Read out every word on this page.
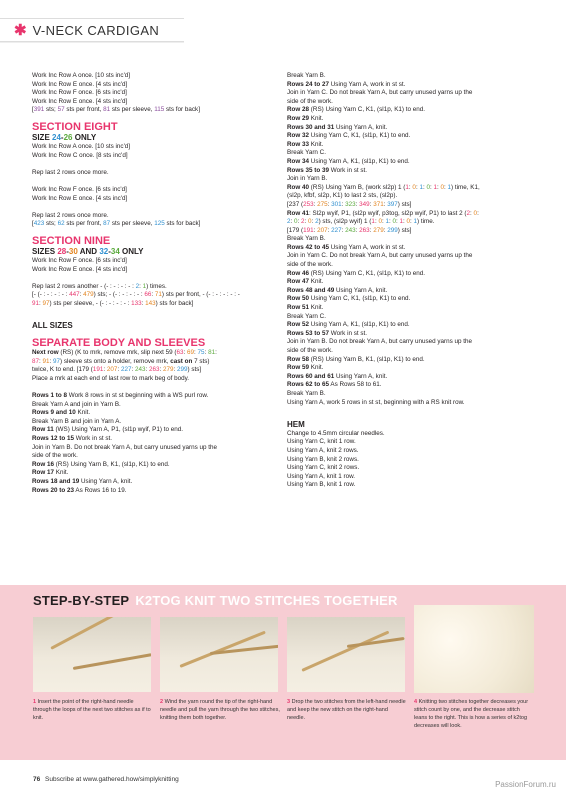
✱ V-NECK CARDIGAN
Work Inc Row A once. [10 sts inc'd]
Work Inc Row E once. [4 sts inc'd]
Work Inc Row F once. [6 sts inc'd]
Work Inc Row E once. [4 sts inc'd]
[391 sts; 57 sts per front, 81 sts per sleeve, 115 sts for back]
SECTION EIGHT
SIZE 24-26 ONLY
Work Inc Row A once. [10 sts inc'd]
Work Inc Row C once. [8 sts inc'd]
Rep last 2 rows once more.
Work Inc Row F once. [6 sts inc'd]
Work Inc Row E once. [4 sts inc'd]
Rep last 2 rows once more.
[423 sts; 62 sts per front, 87 sts per sleeve, 125 sts for back]
SECTION NINE
SIZES 28-30 AND 32-34 ONLY
Work Inc Row F once. [6 sts inc'd]
Work Inc Row E once. [4 sts inc'd]
Rep last 2 rows another - (- : - : - : - : 2: 1) times.
[- (- : - : - : - : 447: 479) sts; - (- : - : - : - : 66: 71) sts per front, - (- : - : - : - : -
91: 97) sts per sleeve, - (- : - : - : - : 133: 143) sts for back]
ALL SIZES
SEPARATE BODY AND SLEEVES
Next row (RS) (K to mrk, remove mrk, slip next 59 (63: 69: 75: 81:
87: 91: 97) sleeve sts onto a holder, remove mrk, cast on 7 sts)
twice, K to end. [179 (191: 207: 227: 243: 263: 279: 299) sts]
Place a mrk at each end of last row to mark beg of body.
Rows 1 to 8 Work 8 rows in st st beginning with a WS purl row.
Break Yarn A and join in Yarn B.
Rows 9 and 10 Knit.
Break Yarn B and join in Yarn A.
Row 11 (WS) Using Yarn A, P1, (sl1p wyif, P1) to end.
Rows 12 to 15 Work in st st.
Join in Yarn B. Do not break Yarn A, but carry unused yarns up the
side of the work.
Row 16 (RS) Using Yarn B, K1, (sl1p, K1) to end.
Row 17 Knit.
Rows 18 and 19 Using Yarn A, knit.
Rows 20 to 23 As Rows 16 to 19.
Break Yarn B.
Rows 24 to 27 Using Yarn A, work in st st.
Join in Yarn C. Do not break Yarn A, but carry unused yarns up the
side of the work.
Row 28 (RS) Using Yarn C, K1, (sl1p, K1) to end.
Row 29 Knit.
Rows 30 and 31 Using Yarn A, knit.
Row 32 Using Yarn C, K1, (sl1p, K1) to end.
Row 33 Knit.
Break Yarn C.
Row 34 Using Yarn A, K1, (sl1p, K1) to end.
Rows 35 to 39 Work in st st.
Join in Yarn B.
Row 40 (RS) Using Yarn B, (work sl2p) 1 (1: 0: 1: 0: 1: 0: 1) time, K1,
(sl2p, kfbf, sl2p, K1) to last 2 sts, (sl2p).
[237 (253: 275: 301: 323: 349: 371: 397) sts]
Row 41: Sl2p wyif, P1, (sl2p wyif, p3tog, sl2p wyif, P1) to last 2 (2: 0:
2: 0: 2: 0: 2) sts, (sl2p wyif) 1 (1: 0: 1: 0: 1: 0: 1) time.
[179 (191: 207: 227: 243: 263: 279: 299) sts]
Break Yarn B.
Rows 42 to 45 Using Yarn A, work in st st.
Join in Yarn C. Do not break Yarn A, but carry unused yarns up the
side of the work.
Row 46 (RS) Using Yarn C, K1, (sl1p, K1) to end.
Row 47 Knit.
Rows 48 and 49 Using Yarn A, knit.
Row 50 Using Yarn C, K1, (sl1p, K1) to end.
Row 51 Knit.
Break Yarn C.
Row 52 Using Yarn A, K1, (sl1p, K1) to end.
Rows 53 to 57 Work in st st.
Join in Yarn B. Do not break Yarn A, but carry unused yarns up the
side of the work.
Row 58 (RS) Using Yarn B, K1, (sl1p, K1) to end.
Row 59 Knit.
Rows 60 and 61 Using Yarn A, knit.
Rows 62 to 65 As Rows 58 to 61.
Break Yarn B.
Using Yarn A, work 5 rows in st st, beginning with a RS knit row.
HEM
Change to 4.5mm circular needles.
Using Yarn C, knit 1 row.
Using Yarn A, knit 2 rows.
Using Yarn B, knit 2 rows.
Using Yarn C, knit 2 rows.
Using Yarn A, knit 1 row.
Using Yarn B, knit 1 row.
STEP-BY-STEP K2TOG KNIT TWO STITCHES TOGETHER
1 Insert the point of the right-hand needle through the loops of the next two stitches as if to knit.
2 Wind the yarn round the tip of the right-hand needle and pull the yarn through the two stitches, knitting them both together.
3 Drop the two stitches from the left-hand needle and keep the new stitch on the right-hand needle.
4 Knitting two stitches together decreases your stitch count by one, and the decrease stitch leans to the right. This is how a series of k2tog decreases will look.
76 Subscribe at www.gathered.how/simplyknitting
PassionForum.ru
